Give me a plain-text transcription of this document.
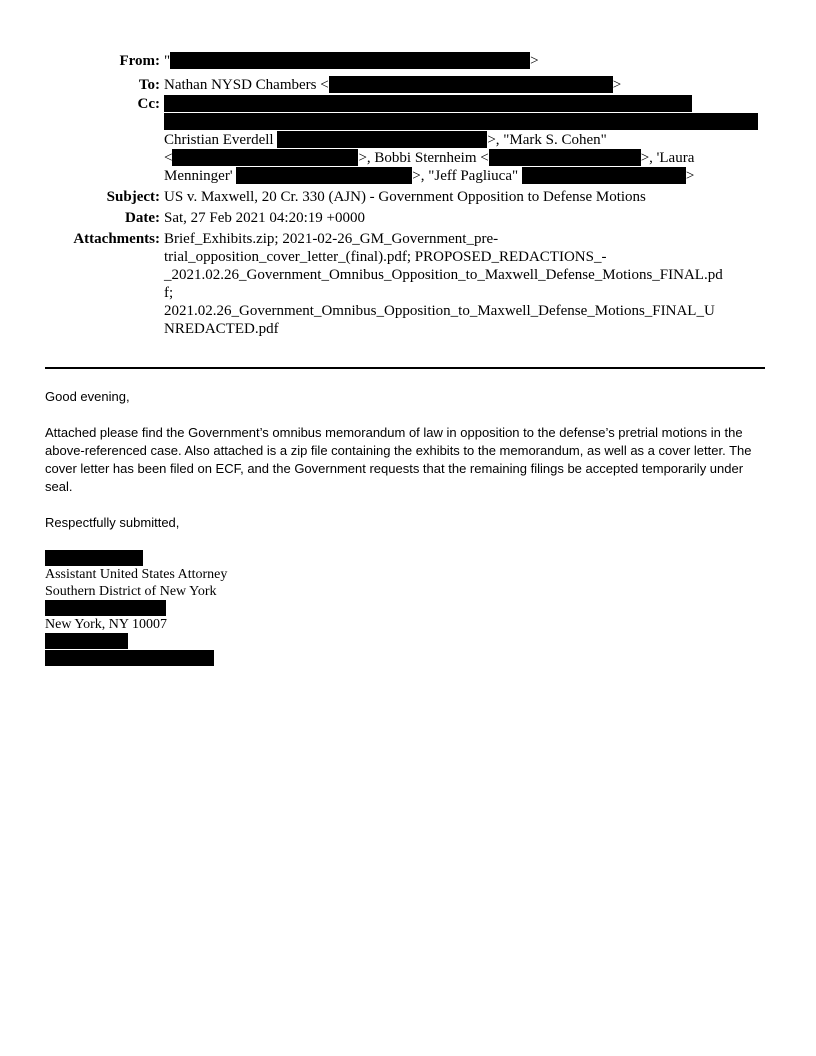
From: "	>
To: Nathan NYSD Chambers <	>
Cc:
Christian Everdell	>, "Mark S. Cohen"
<	>, Bobbi Sternheim <	>, 'Laura
Menninger'	>, "Jeff Pagliuca"	>
Subject: US v. Maxwell, 20 Cr. 330 (AJN) - Government Opposition to Defense Motions
Date: Sat, 27 Feb 2021 04:20:19 +0000
Attachments: Brief_Exhibits.zip; 2021-02-26_GM_Government_pre-
trial_opposition_cover_letter_(final).pdf; PROPOSED_REDACTIONS_-
_2021.02.26_Government_Omnibus_Opposition_to_Maxwell_Defense_Motions_FINAL.pd
f;
2021.02.26_Government_Omnibus_Opposition_to_Maxwell_Defense_Motions_FINAL_U
NREDACTED.pdf

Good evening,

Attached please find the Government’s omnibus memorandum of law in opposition to the defense’s pretrial motions in the above-referenced case. Also attached is a zip file containing the exhibits to the memorandum, as well as a cover letter. The cover letter has been filed on ECF, and the Government requests that the remaining filings be accepted temporarily under seal.

Respectfully submitted,

Assistant United States Attorney
Southern District of New York
New York, NY 10007
